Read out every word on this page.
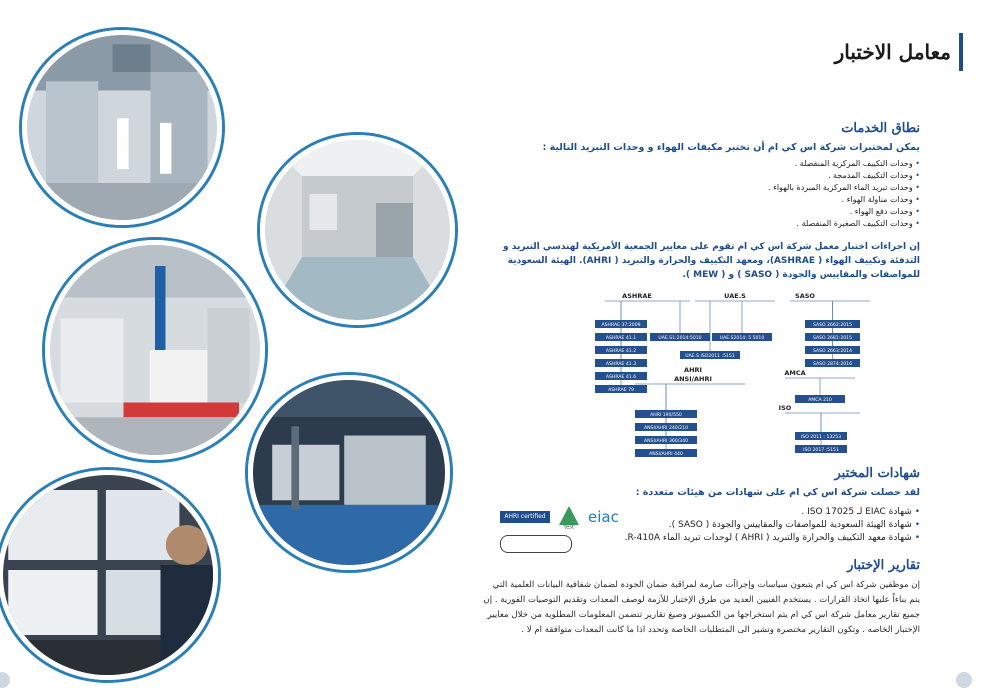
معامل الاختبار
نطاق الخدمات
يمكن لمختبرات شركة اس كي ام أن تختبر مكيفات الهواء و وحدات التبريد التالية :
• وحدات التكييف المركزية المنفصلة .
• وحدات التكييف المدمجة .
• وحدات تبريد الماء المركزية المبردة بالهواء .
• وحدات مناولة الهواء .
• وحدات دفع الهواء .
• وحدات التكييف الصغيرة المنفصلة .
إن اجراءات اختبار معمل شركة اس كي ام تقوم على معايير الجمعية الأمريكية لهندسي التبريد و التدفئة وتكييف الهواء ( ASHRAE)، ومعهد التكييف والحرارة والتبريد ( AHRI). الهيئة السعودية للمواصفات والمقاييس والجودة ( SASO ) و ( MEW ).
ASHRAE
ASHRAE 37:2009
ASHRAE 41.1
ASHRAE 41.2
ASHRAE 41.3
ASHRAE 41.6
ASHRAE 79
UAE.S
UAE.S1:2014:5010	UAE.S2014: 5 5010
UAE.S ISO2011 :5151
SASO
SASO 2662:2015
SASO 2681:2015
SASO 2663:2014
SASO 2874:2016
AHRI
ANSI/AHRI
AHRI 190/550
ANSI/AHRI 240/210
ANSI/AHRI 360/340
ANSI/AHRI 440
AMCA
AMCA 210
ISO
ISO 2011 : 13253
ISO 2017 :5151
شهادات المختبر
لقد حصلت شركة اس كي ام على شهادات من هيئات متعددة :
• شهادة EIAC لـ ISO 17025 .
• شهادة الهيئة السعودية للمواصفات والمقاييس والجودة ( SASO ).
• شهادة معهد التكييف والحرارة والتبريد ( AHRI ) لوحدات تبريد الماء R-410A.
AHRI certified
test
eiac
تقارير الإختبار
إن موظفين شركة اس كي ام يتبعون سياسات وإجراآت صارمة لمراقبة ضمان الجودة لضمان شفافية البيانات العلمية التي يتم بناءاً عليها اتخاذ القرارات . يستخدم الفنيين العديد من طرق الإختبار للأزمة لوصف المعدات وتقديم التوصيات الفورية . إن جميع تقارير معامل شركة اس كي ام يتم استخراجها من الكمبيوتر وصيغ تقارير تتضمن المعلومات المطلوبة من خلال معايير الإختبار الخاصه . وتكون التقارير مختصرة وتشير الى المتطلبات الخاصة وتحدد اذا ما كانت المعدات متوافقة ام لا .
